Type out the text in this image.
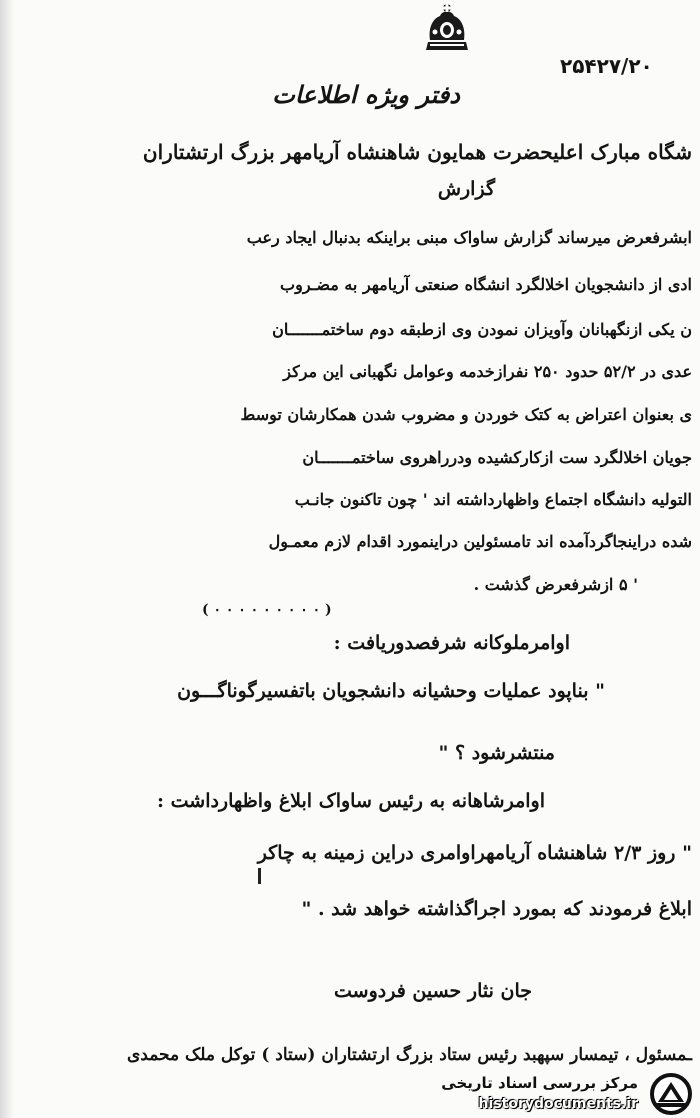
۲۵۴۲۷/۲۰
دفتر ویژه اطلاعات
شگاه مبارک اعلیحضرت همایون شاهنشاه آریامهر بزرگ ارتشتاران
گزارش
ابشرفعرض میرساند گزارش ساواک مبنی براینکه بدنبال ایجاد رعب
ادی از دانشجویان اخلالگرد انشگاه صنعتی آریامهر به مضـروب
ن یکی ازنگهبانان وآویزان نمودن وی ازطبقه دوم ساختمـــــــان
عدی در ۵۲/۲ حدود ۲۵۰ نفرازخدمه وعوامل نگهبانی این مرکز
ی بعنوان اعتراض به کتک خوردن و مضروب شدن همکارشان توسط
جویان اخلالگرد ست ازکارکشیده ودرراهروی ساختمـــــــان
التولیه دانشگاه اجتماع واظهارداشته اند ' چون تاکنون جانـب
شده دراینجاگردآمده اند تامسئولین دراینمورد اقدام لازم معمـول
' ۵ ازشرفعرض گذشت .
( ۰ ۰ ۰ ۰ ۰ ۰ ۰ ۰ ۰ )
اوامرملوکانه شرفصدوریافت :
" بناپود عملیات وحشیانه دانشجویان باتفسیرگوناگـــون
منتشرشود ؟ "
اوامرشاهانه به رئیس ساواک ابلاغ واظهارداشت :
" روز ۲/۳ شاهنشاه آریامهراوامری دراین زمینه به چاکر
ابلاغ فرمودند که بمورد اجراگذاشته خواهد شد . "
جان نثار حسین فردوست
ـمسئول ، تیمسار سپهبد رئیس ستاد بزرگ ارتشتاران (ستاد ) توکل ملک محمدی
مرکز بررسی اسناد تاریخی
historydocuments.ir
